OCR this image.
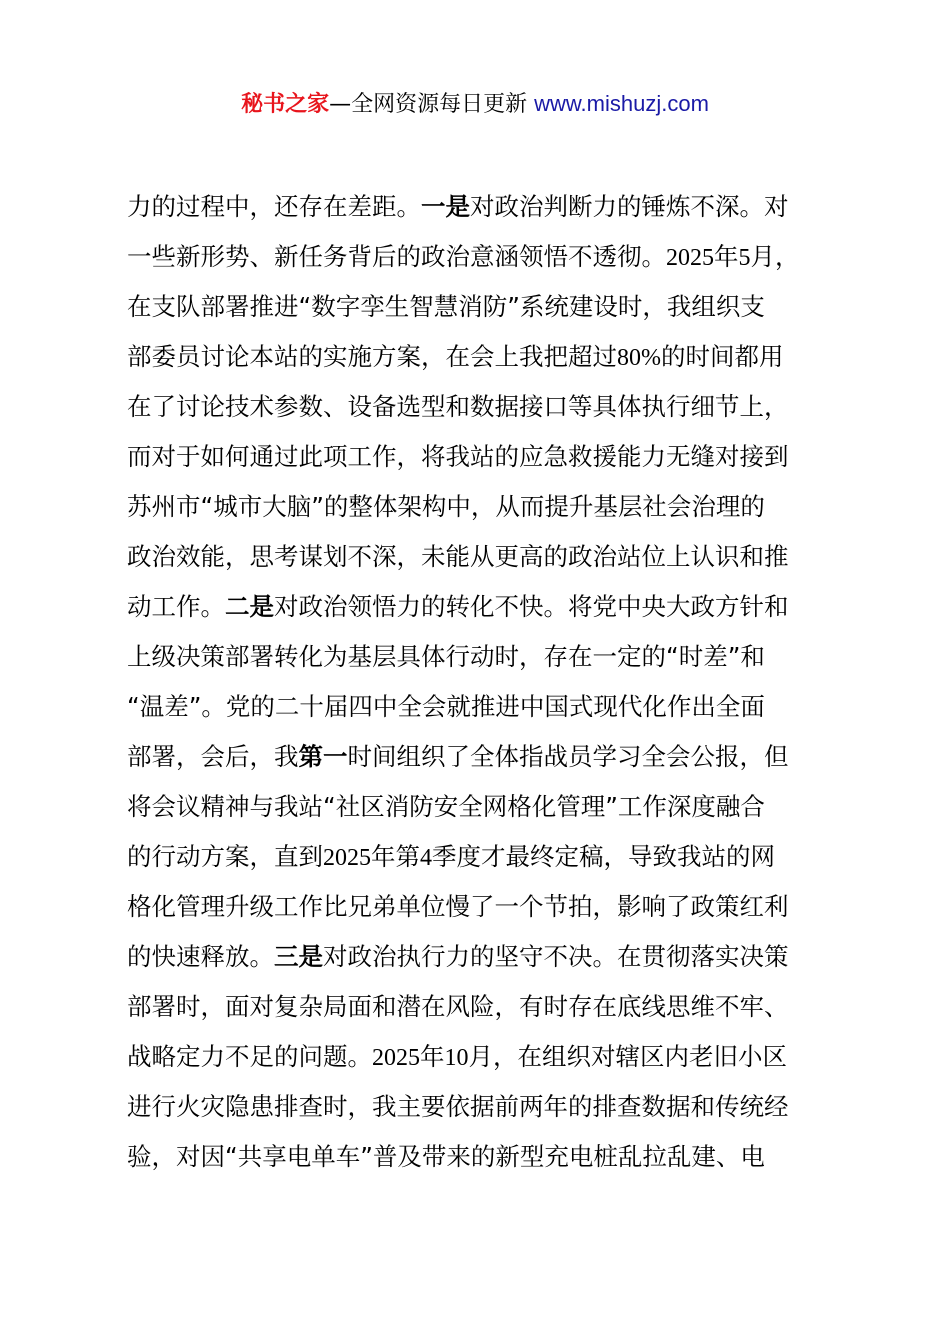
秘书之家—全网资源每日更新 www.mishuzj.com
力的过程中，还存在差距。一是对政治判断力的锤炼不深。对
一些新形势、新任务背后的政治意涵领悟不透彻。2025年5月，
在支队部署推进“数字孪生智慧消防”系统建设时，我组织支
部委员讨论本站的实施方案，在会上我把超过80%的时间都用
在了讨论技术参数、设备选型和数据接口等具体执行细节上，
而对于如何通过此项工作，将我站的应急救援能力无缝对接到
苏州市“城市大脑”的整体架构中，从而提升基层社会治理的
政治效能，思考谋划不深，未能从更高的政治站位上认识和推
动工作。二是对政治领悟力的转化不快。将党中央大政方针和
上级决策部署转化为基层具体行动时，存在一定的“时差”和
“温差”。党的二十届四中全会就推进中国式现代化作出全面
部署，会后，我第一时间组织了全体指战员学习全会公报，但
将会议精神与我站“社区消防安全网格化管理”工作深度融合
的行动方案，直到2025年第4季度才最终定稿，导致我站的网
格化管理升级工作比兄弟单位慢了一个节拍，影响了政策红利
的快速释放。三是对政治执行力的坚守不决。在贯彻落实决策
部署时，面对复杂局面和潜在风险，有时存在底线思维不牢、
战略定力不足的问题。2025年10月，在组织对辖区内老旧小区
进行火灾隐患排查时，我主要依据前两年的排查数据和传统经
验，对因“共享电单车”普及带来的新型充电桩乱拉乱建、电
